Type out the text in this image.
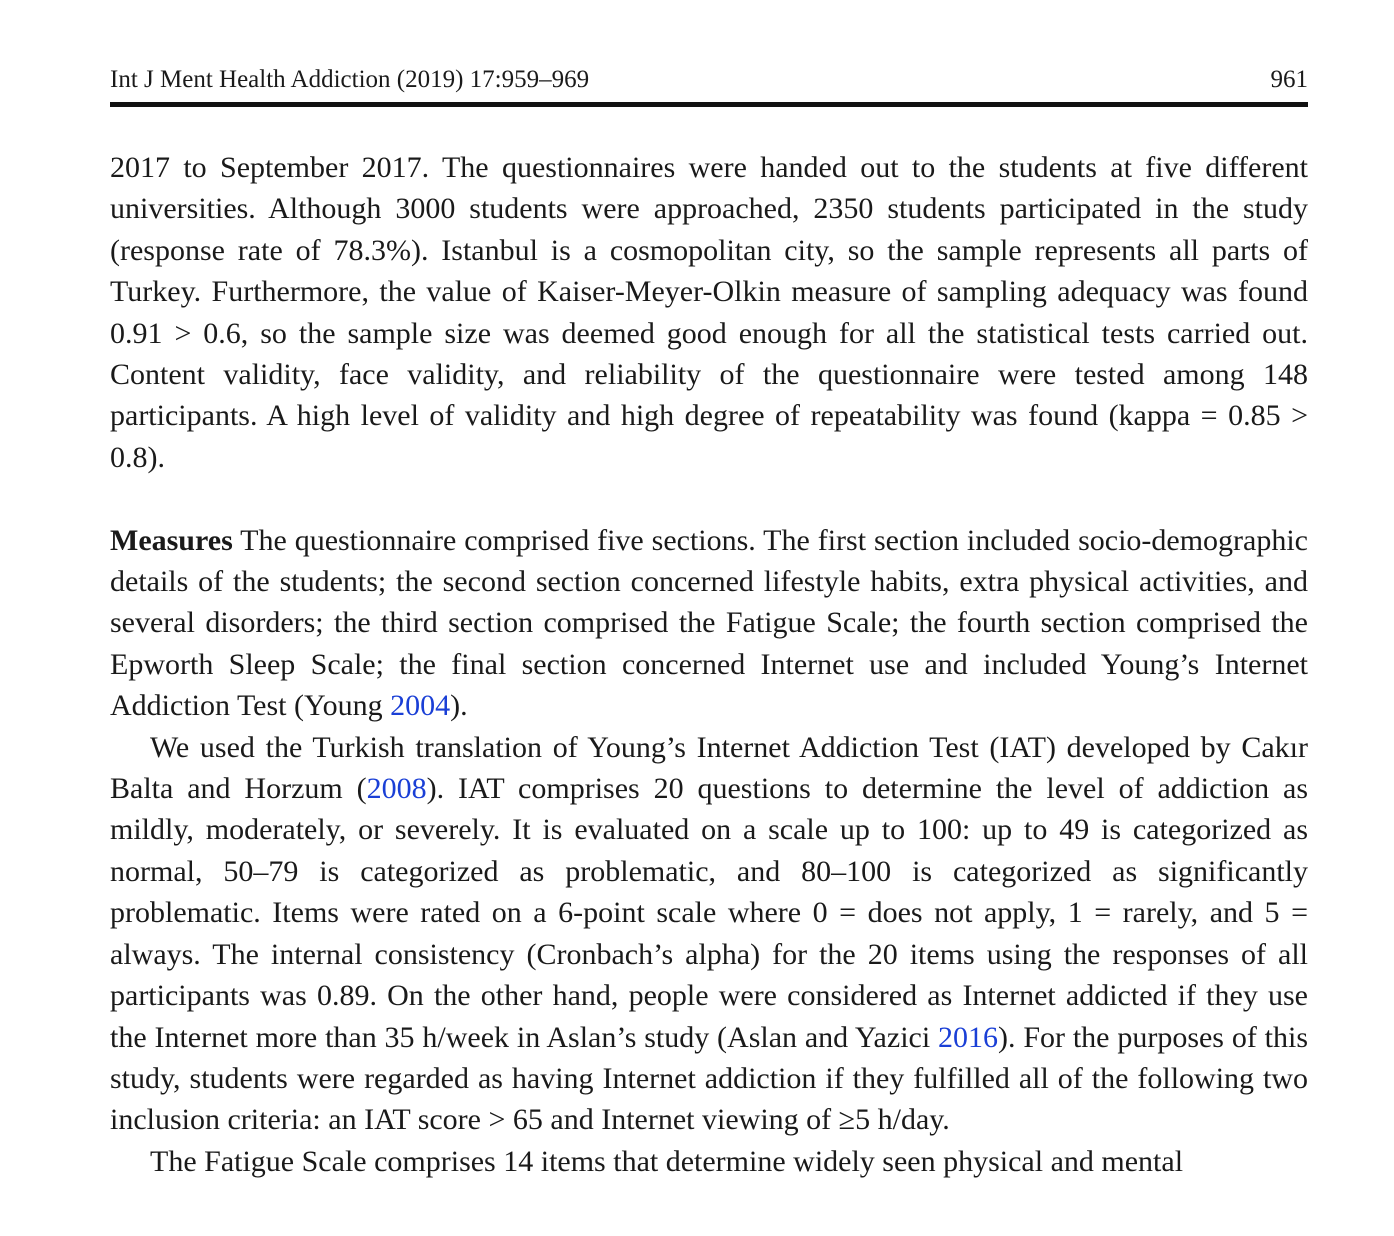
Int J Ment Health Addiction (2019) 17:959–969	961

2017 to September 2017. The questionnaires were handed out to the students at five different universities. Although 3000 students were approached, 2350 students participated in the study (response rate of 78.3%). Istanbul is a cosmopolitan city, so the sample represents all parts of Turkey. Furthermore, the value of Kaiser-Meyer-Olkin measure of sampling adequacy was found 0.91 > 0.6, so the sample size was deemed good enough for all the statistical tests carried out. Content validity, face validity, and reliability of the questionnaire were tested among 148 participants. A high level of validity and high degree of repeatability was found (kappa = 0.85 > 0.8).

Measures The questionnaire comprised five sections. The first section included socio-demographic details of the students; the second section concerned lifestyle habits, extra physical activities, and several disorders; the third section comprised the Fatigue Scale; the fourth section comprised the Epworth Sleep Scale; the final section concerned Internet use and included Young’s Internet Addiction Test (Young 2004).

We used the Turkish translation of Young’s Internet Addiction Test (IAT) developed by Cakır Balta and Horzum (2008). IAT comprises 20 questions to determine the level of addiction as mildly, moderately, or severely. It is evaluated on a scale up to 100: up to 49 is categorized as normal, 50–79 is categorized as problematic, and 80–100 is categorized as significantly problematic. Items were rated on a 6-point scale where 0 = does not apply, 1 = rarely, and 5 = always. The internal consistency (Cronbach’s alpha) for the 20 items using the responses of all participants was 0.89. On the other hand, people were considered as Internet addicted if they use the Internet more than 35 h/week in Aslan’s study (Aslan and Yazici 2016). For the purposes of this study, students were regarded as having Internet addiction if they fulfilled all of the following two inclusion criteria: an IAT score > 65 and Internet viewing of ≥5 h/day.

The Fatigue Scale comprises 14 items that determine widely seen physical and mental
